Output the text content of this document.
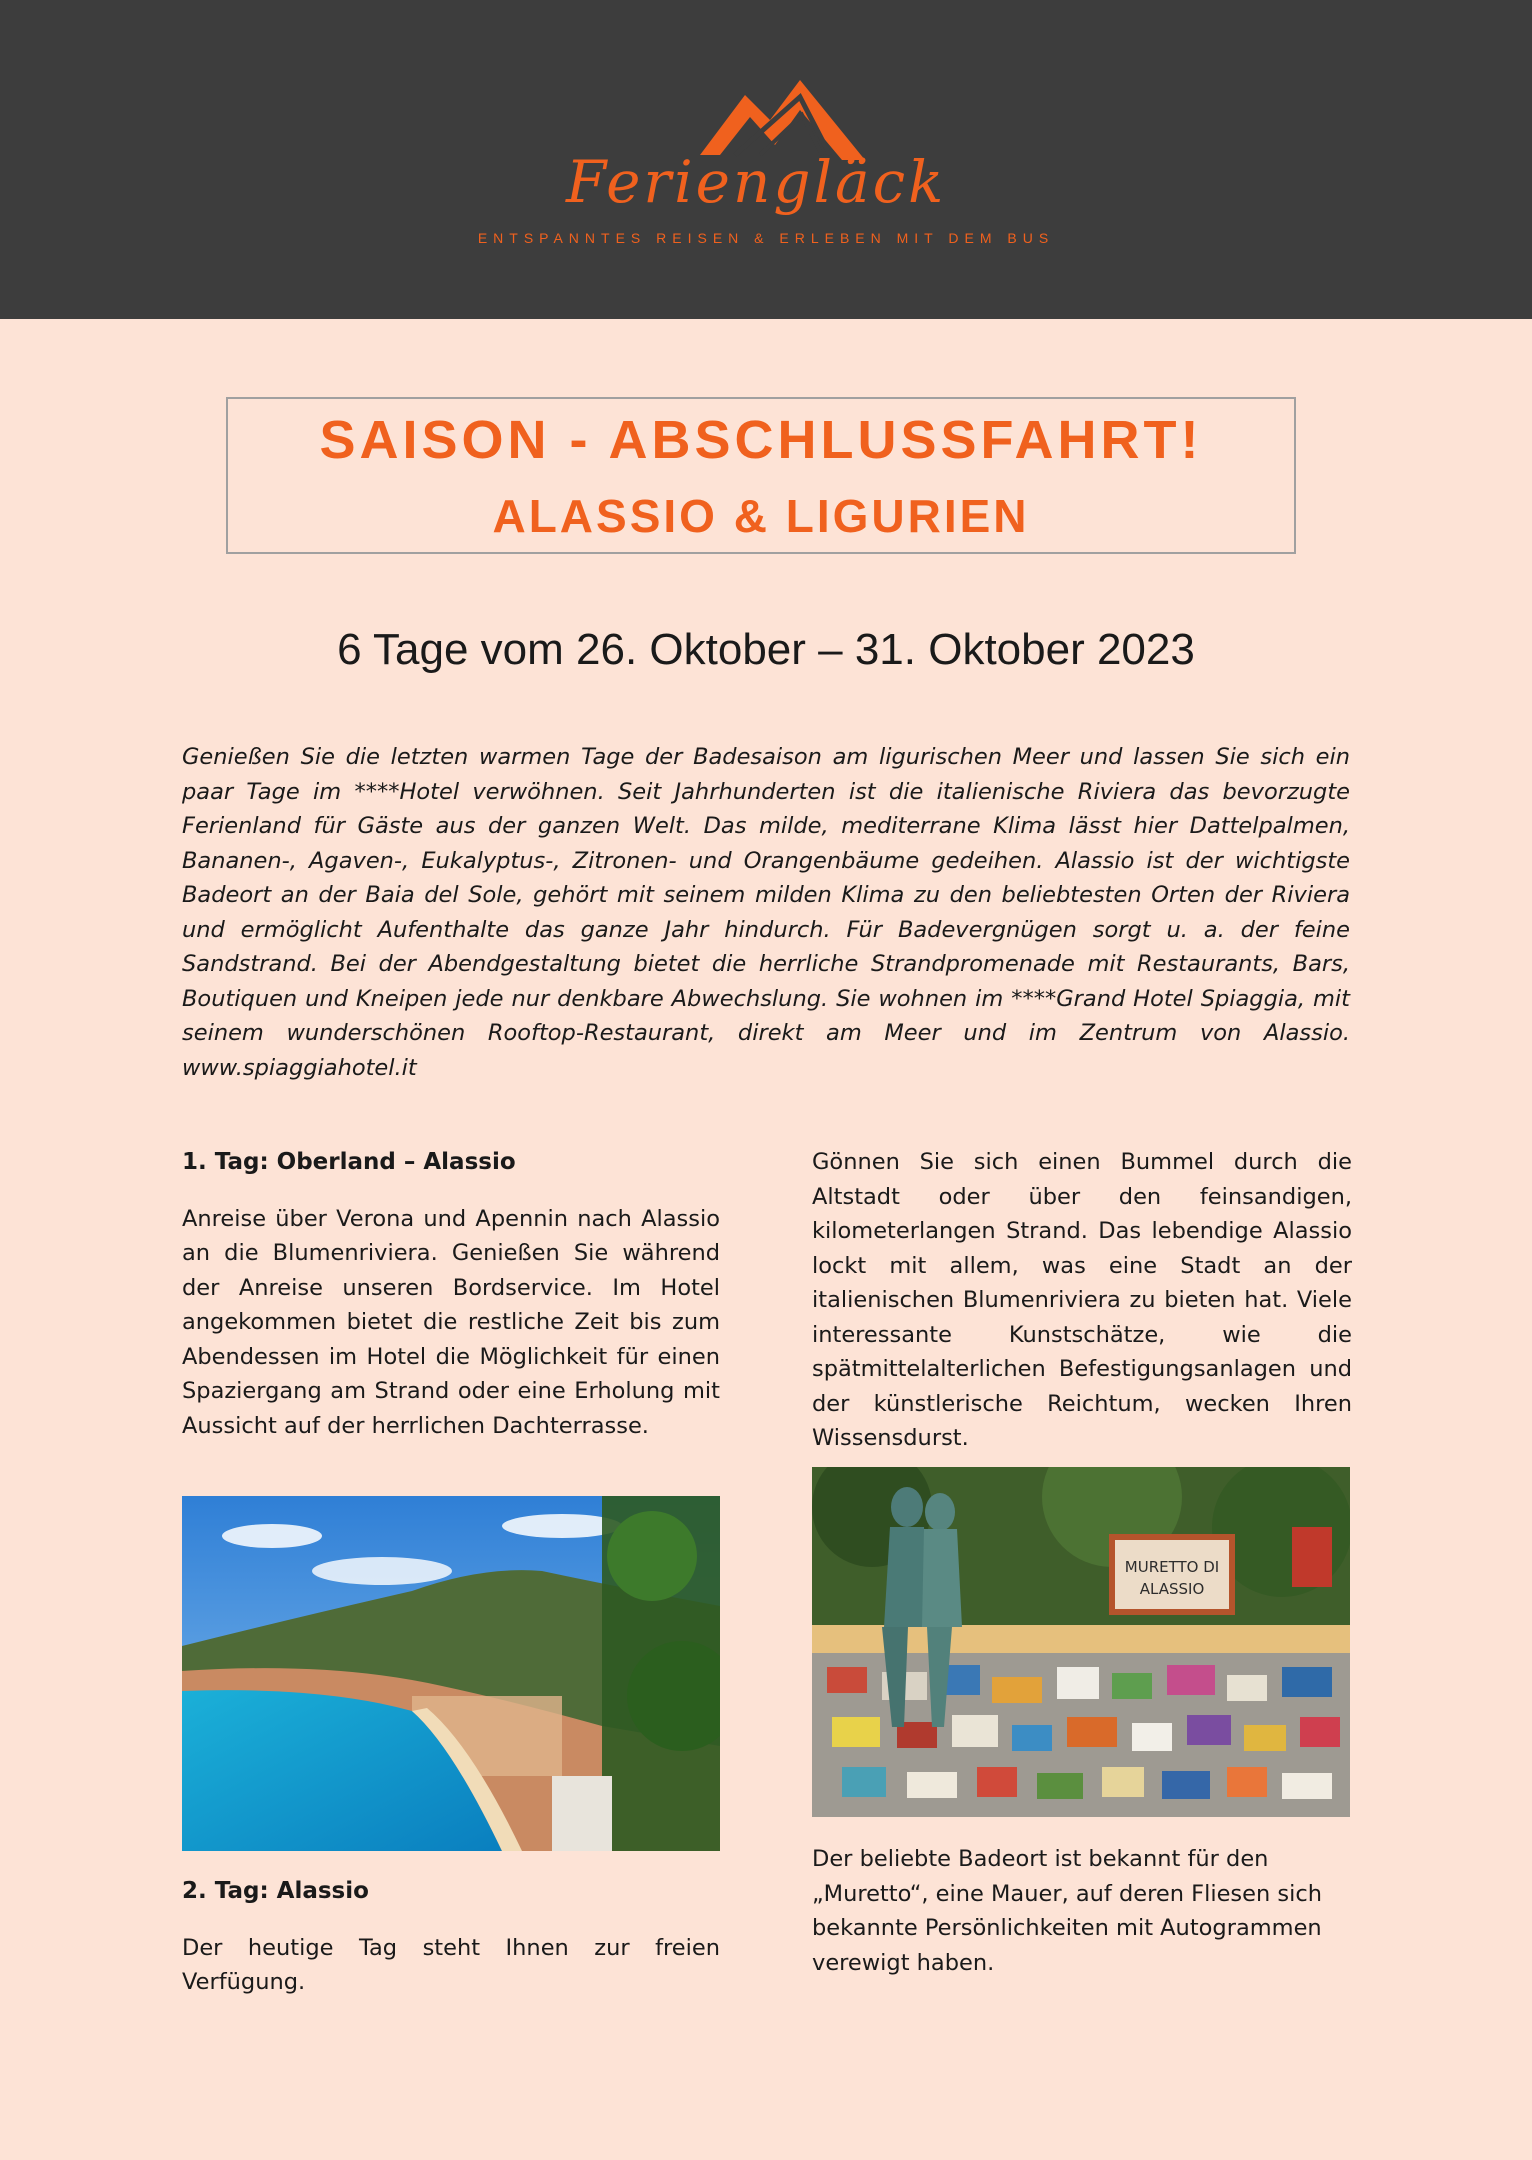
Feriengläck
ENTSPANNTES REISEN & ERLEBEN MIT DEM BUS
SAISON - ABSCHLUSSFAHRT!
ALASSIO & LIGURIEN
6 Tage vom 26. Oktober – 31. Oktober 2023

Genießen Sie die letzten warmen Tage der Badesaison am ligurischen Meer und lassen Sie sich ein paar Tage im ****Hotel verwöhnen. Seit Jahrhunderten ist die italienische Riviera das bevorzugte Ferienland für Gäste aus der ganzen Welt. Das milde, mediterrane Klima lässt hier Dattelpalmen, Bananen-, Agaven-, Eukalyptus-, Zitronen- und Orangenbäume gedeihen. Alassio ist der wichtigste Badeort an der Baia del Sole, gehört mit seinem milden Klima zu den beliebtesten Orten der Riviera und ermöglicht Aufenthalte das ganze Jahr hindurch. Für Badevergnügen sorgt u. a. der feine Sandstrand. Bei der Abendgestaltung bietet die herrliche Strandpromenade mit Restaurants, Bars, Boutiquen und Kneipen jede nur denkbare Abwechslung. Sie wohnen im ****Grand Hotel Spiaggia, mit seinem wunderschönen Rooftop-Restaurant, direkt am Meer und im Zentrum von Alassio. www.spiaggiahotel.it

1. Tag: Oberland – Alassio

Anreise über Verona und Apennin nach Alassio an die Blumenriviera. Genießen Sie während der Anreise unseren Bordservice. Im Hotel angekommen bietet die restliche Zeit bis zum Abendessen im Hotel die Möglichkeit für einen Spaziergang am Strand oder eine Erholung mit Aussicht auf der herrlichen Dachterrasse.

2. Tag: Alassio

Der heutige Tag steht Ihnen zur freien Verfügung.

Gönnen Sie sich einen Bummel durch die Altstadt oder über den feinsandigen, kilometerlangen Strand. Das lebendige Alassio lockt mit allem, was eine Stadt an der italienischen Blumenriviera zu bieten hat. Viele interessante Kunstschätze, wie die spätmittelalterlichen Befestigungsanlagen und der künstlerische Reichtum, wecken Ihren Wissensdurst.

MURETTO DI
ALASSIO

Der beliebte Badeort ist bekannt für den „Muretto“, eine Mauer, auf deren Fliesen sich bekannte Persönlichkeiten mit Autogrammen verewigt haben.
